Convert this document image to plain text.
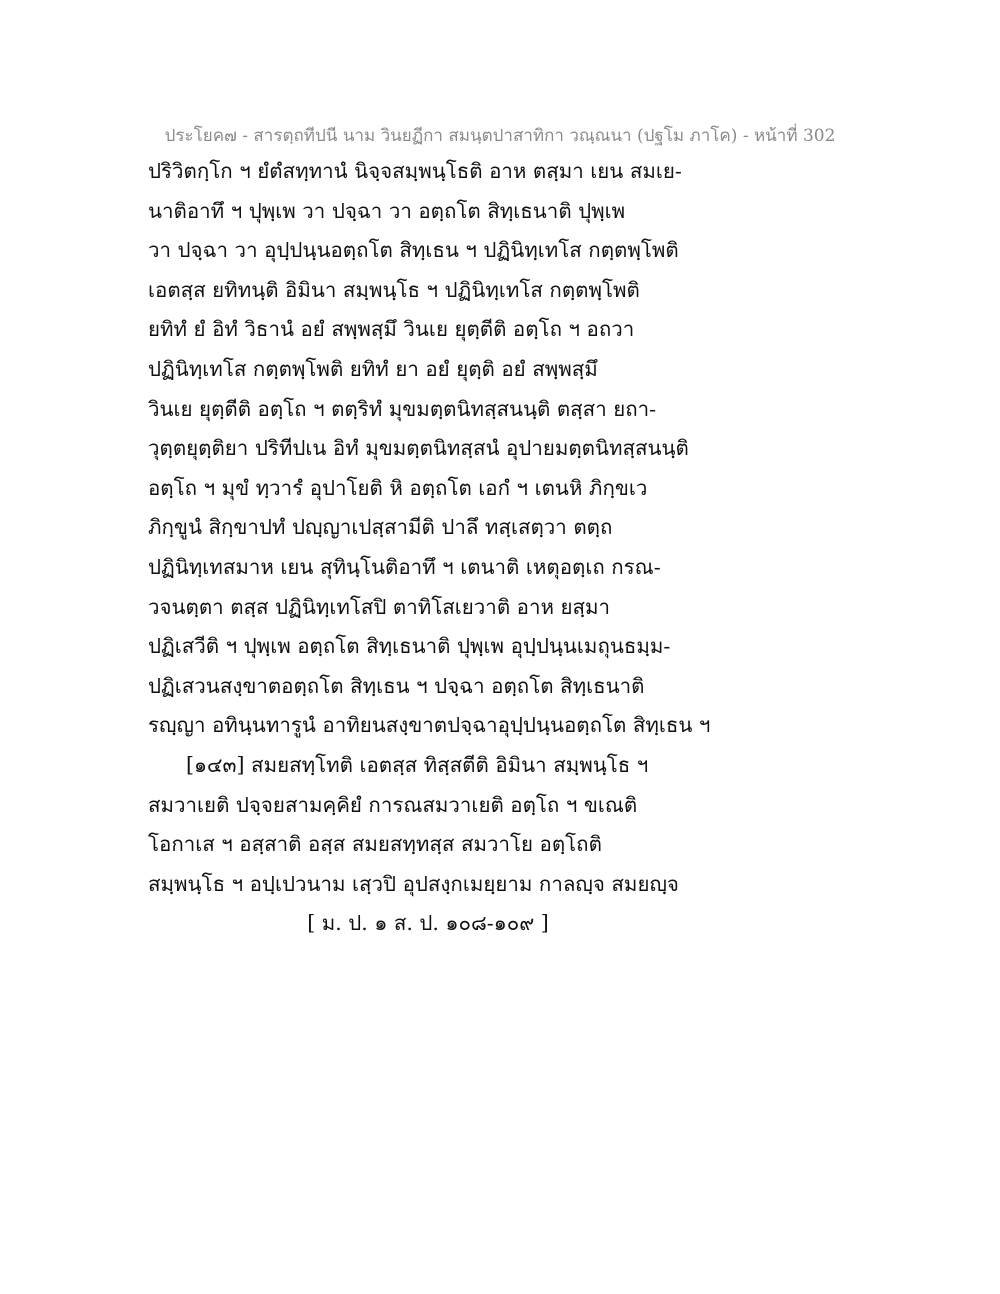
ประโยค๗ - สารตฺถทีปนี นาม วินยฏีกา สมนฺตปาสาทิกา วณฺณนา (ปฐโม ภาโค) - หน้าที่ 302
ปริวิตกฺโก ฯ ยํตํสทฺทานํ นิจฺจสมฺพนฺโธติ อาห ตสฺมา เยน สมเย-
นาติอาทึ ฯ ปุพฺเพ วา ปจฺฉา วา อตฺถโต สิทฺเธนาติ ปุพฺเพ
วา ปจฺฉา วา อุปฺปนฺนอตฺถโต สิทฺเธน ฯ ปฏินิทฺเทโส กตฺตพฺโพติ
เอตสฺส ยทิทนฺติ อิมินา สมฺพนฺโธ ฯ ปฏินิทฺเทโส กตฺตพฺโพติ
ยทิทํ ยํ อิทํ วิธานํ อยํ สพฺพสฺมึ วินเย ยุตฺตีติ อตฺโถ ฯ อถวา
ปฏินิทฺเทโส กตฺตพฺโพติ ยทิทํ ยา อยํ ยุตฺติ อยํ สพฺพสฺมึ
วินเย ยุตฺตีติ อตฺโถ ฯ ตตฺริทํ มุขมตฺตนิทสฺสนนฺติ ตสฺสา ยถา-
วุตฺตยุตฺติยา ปริทีปเน อิทํ มุขมตฺตนิทสฺสนํ อุปายมตฺตนิทสฺสนนฺติ
อตฺโถ ฯ มุขํ ทฺวารํ อุปาโยติ หิ อตฺถโต เอกํ ฯ เตนหิ ภิกฺขเว
ภิกฺขูนํ สิกฺขาปทํ ปญฺญาเปสฺสามีติ ปาลึ ทสฺเสตฺวา ตตฺถ
ปฏินิทฺเทสมาห เยน สุทินฺโนติอาทึ ฯ เตนาติ เหตุอตฺเถ กรณ-
วจนตฺตา ตสฺส ปฏินิทฺเทโสปิ ตาทิโสเยวาติ อาห ยสฺมา
ปฏิเสวีติ ฯ ปุพฺเพ อตฺถโต สิทฺเธนาติ ปุพฺเพ อุปฺปนฺนเมถุนธมฺม-
ปฏิเสวนสงฺขาตอตฺถโต สิทฺเธน ฯ ปจฺฉา อตฺถโต สิทฺเธนาติ
รญฺญา อทินฺนทารูนํ อาทิยนสงฺขาตปจฺฉาอุปฺปนฺนอตฺถโต สิทฺเธน ฯ
[๑๔๓] สมยสทฺโทติ เอตสฺส ทิสฺสตีติ อิมินา สมฺพนฺโธ ฯ
สมวาเยติ ปจฺจยสามคฺคิยํ การณสมวาเยติ อตฺโถ ฯ ขเณติ
โอกาเส ฯ อสฺสาติ อสฺส สมยสทฺทสฺส สมวาโย อตฺโถติ
สมฺพนฺโธ ฯ อปฺเปวนาม เสฺวปิ อุปสงฺกเมยฺยาม กาลญฺจ สมยญฺจ
[ ม. ป. ๑ ส. ป. ๑๐๘-๑๐๙ ]
